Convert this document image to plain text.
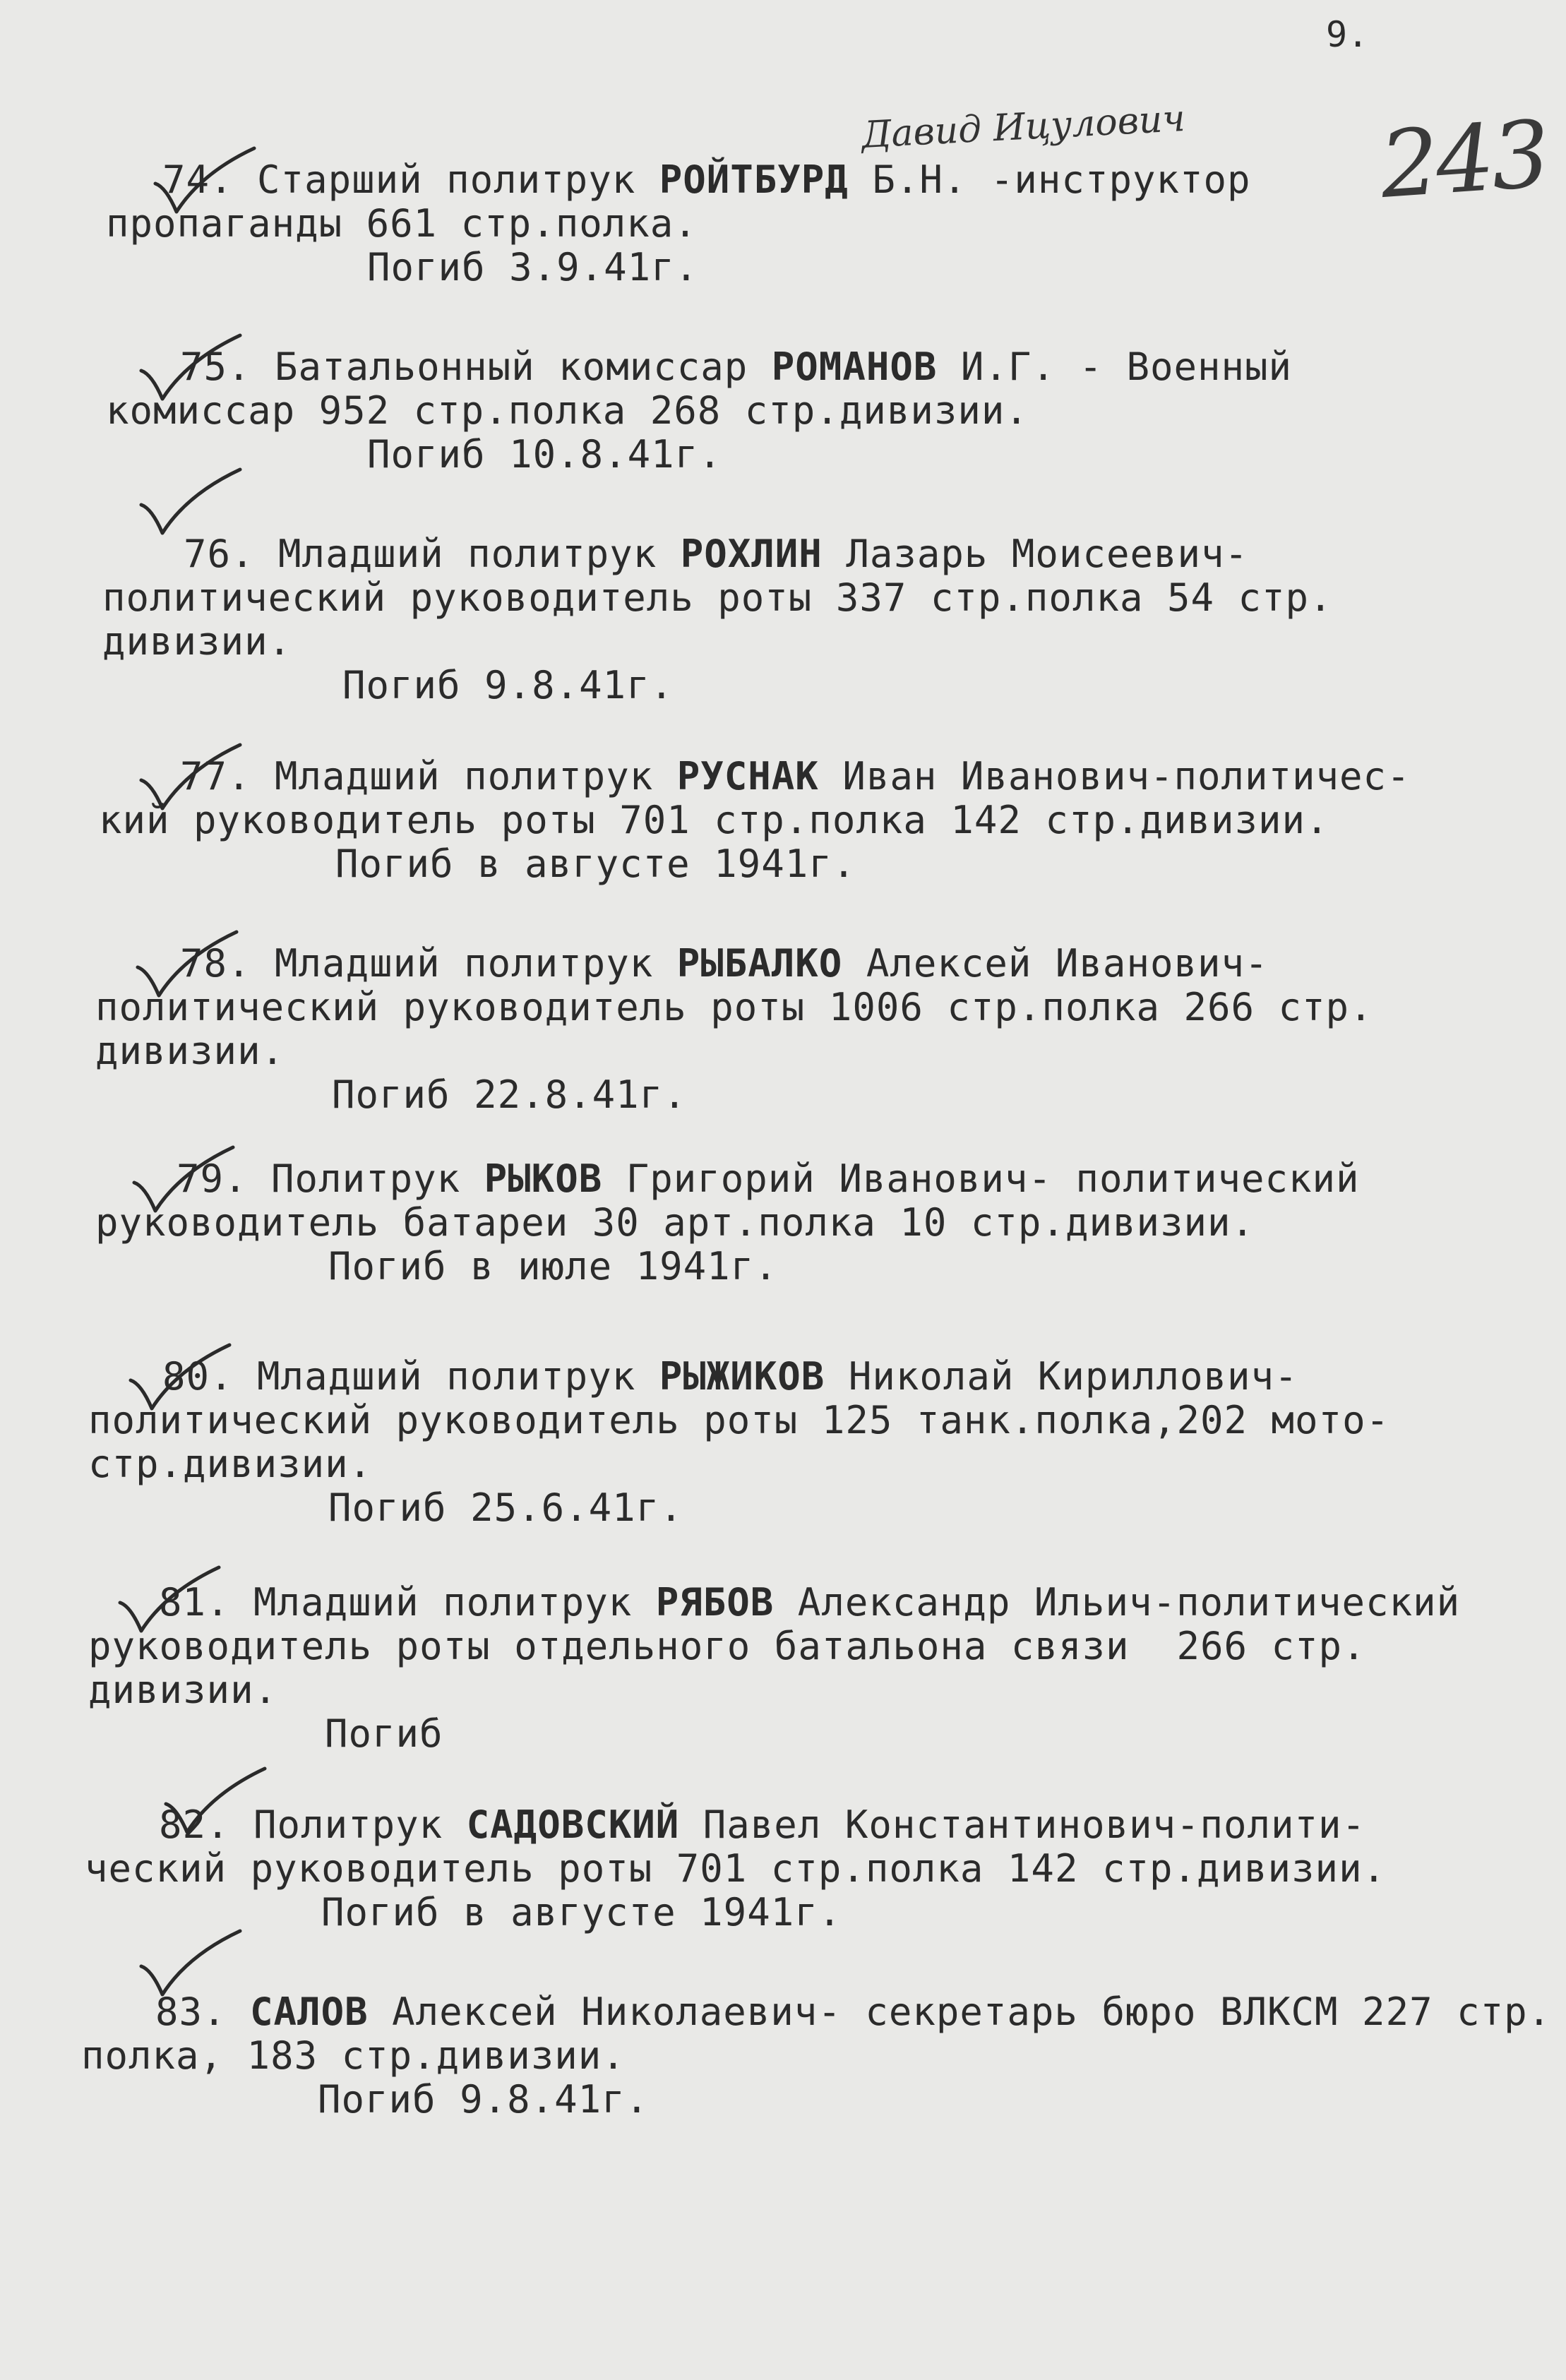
9.
243
Давид Ицулович
74. Старший политрук РОЙТБУРД Б.Н. -инструктор
пропаганды 661 стр.полка.
Погиб 3.9.41г.
75. Батальонный комиссар РОМАНОВ И.Г. - Военный
комиссар 952 стр.полка 268 стр.дивизии.
Погиб 10.8.41г.
76. Младший политрук РОХЛИН Лазарь Моисеевич-
политический руководитель роты 337 стр.полка 54 стр.
дивизии.
Погиб 9.8.41г.
77. Младший политрук РУСНАК Иван Иванович-политичес-
кий руководитель роты 701 стр.полка 142 стр.дивизии.
Погиб в августе 1941г.
78. Младший политрук РЫБАЛКО Алексей Иванович-
политический руководитель роты 1006 стр.полка 266 стр.
дивизии.
Погиб 22.8.41г.
79. Политрук РЫКОВ Григорий Иванович- политический
руководитель батареи 30 арт.полка 10 стр.дивизии.
Погиб в июле 1941г.
80. Младший политрук РЫЖИКОВ Николай Кириллович-
политический руководитель роты 125 танк.полка,202 мото-
стр.дивизии.
Погиб 25.6.41г.
81. Младший политрук РЯБОВ Александр Ильич-политический
руководитель роты отдельного батальона связи  266 стр.
дивизии.
Погиб
82. Политрук САДОВСКИЙ Павел Константинович-полити-
ческий руководитель роты 701 стр.полка 142 стр.дивизии.
Погиб в августе 1941г.
83. САЛОВ Алексей Николаевич- секретарь бюро ВЛКСМ 227 стр.
полка, 183 стр.дивизии.
Погиб 9.8.41г.
